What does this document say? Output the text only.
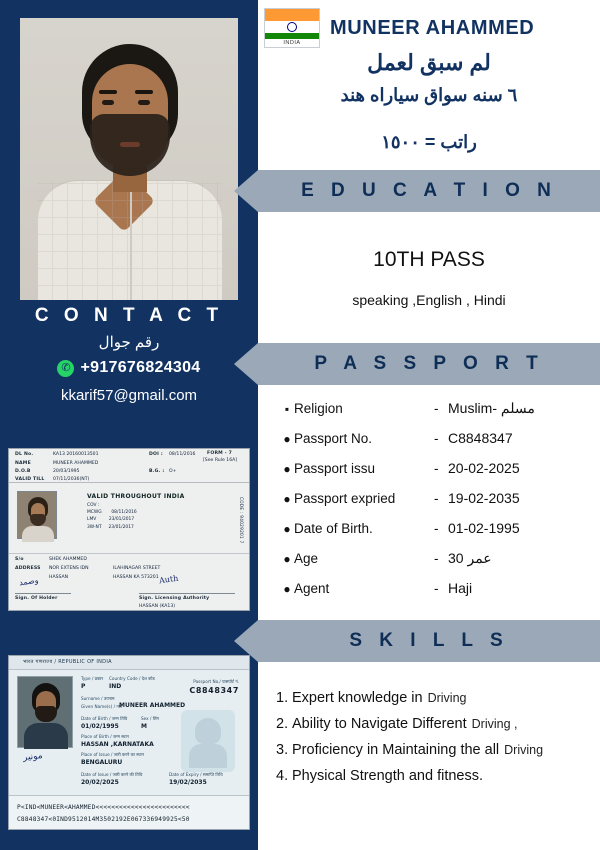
C O N T A C T
رقم جوال
✆ +917676824304
kkarif57@gmail.com
DL No.	KA13 20160013501	DOI : 08/11/2016	FORM - 7
[See Rule 16A]
NAME	MUNEER AHAMMED
D.O.B	20/03/1995	B.G. : O+
VALID TILL 07/11/2036(NT)
VALID THROUGHOUT INDIA
COV :
MCWG 08/11/2016
LMV	23/01/2017
3W-NT 23/01/2017	CODE : 94029201 7
S/o	SHEK AHAMMED
ADDRESS NOR EXTENS IDN	ILAHINAGAR STREET
HASSAN	HASSAN KA 573201
وصمد
Sign. Of Holder
Auth
Sign. Licensing Authority
HASSAN (KA13)
भारत गणराज्य / REPUBLIC OF INDIA
Type / प्रकार
P
Country Code / देश कोड
IND	C8848347
Passport No./ पासपोर्ट नं.
Surname / उपनाम
Given Name(s) / नाम
MUNEER AHAMMED
Date of Birth / जन्म तिथि
01/02/1995
Sex / लिंग
M
Place of Birth / जन्म स्थान
HASSAN ,KARNATAKA
Place of Issue / जारी करने का स्थान
BENGALURU
Date of Issue / जारी करने की तिथि
20/02/2025
Date of Expiry / समाप्ति तिथि
19/02/2035
مونير
P<IND<MUNEER<AHAMMED<<<<<<<<<<<<<<<<<<<<<<<<
C8848347<0IND9512014M3502192E067336949925<50
INDIA
MUNEER AHAMMED
لم سبق لعمل
٦ سنه سواق سياراه هند
راتب = ١٥٠٠
E D U C A T I O N
10TH PASS
speaking ,English , Hindi
P A S S P O R T
▪ Religion	- Muslim- مسلم
● Passport No.	- C8848347
● Passport issu	- 20-02-2025
● Passport expried	- 19-02-2035
● Date of Birth.	- 01-02-1995
● Age	- 30 عمر
● Agent	- Haji
S K I L L S
1. Expert knowledge in Driving
2. Ability to Navigate Different Driving ,
3. Proficiency in Maintaining the all Driving
4. Physical Strength and fitness.
